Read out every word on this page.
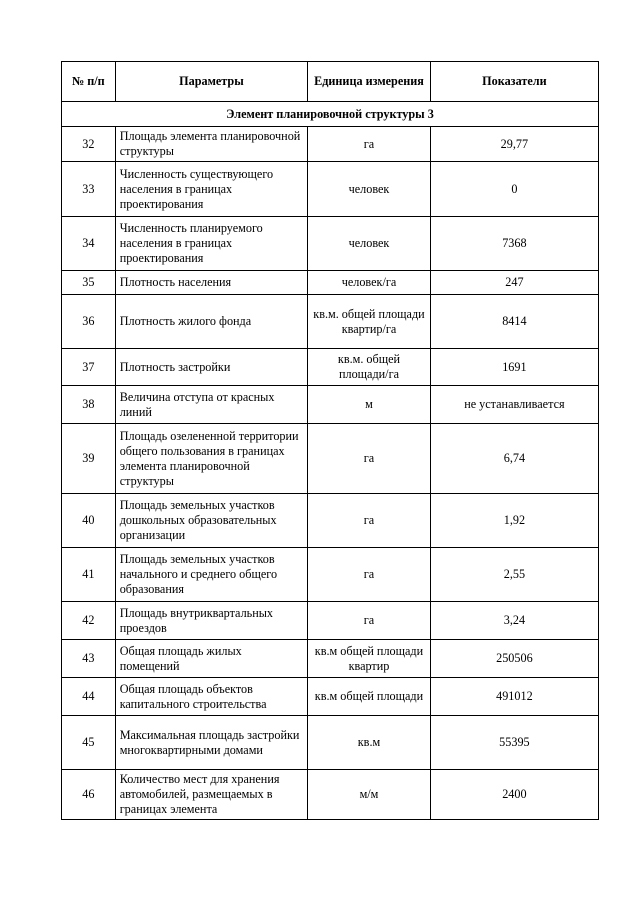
№ п/п	Параметры	Единица измерения	Показатели
Элемент планировочной структуры 3			
32	Площадь элемента планировочной структуры	га	29,77
33	Численность существующего населения в границах проектирования	человек	0
34	Численность планируемого населения в границах проектирования	человек	7368
35	Плотность населения	человек/га	247
36	Плотность жилого фонда	кв.м. общей площади квартир/га	8414
37	Плотность застройки	кв.м. общей площади/га	1691
38	Величина отступа от красных линий	м	не устанавливается
39	Площадь озелененной территории общего пользования в границах элемента планировочной структуры	га	6,74
40	Площадь земельных участков дошкольных образовательных организации	га	1,92
41	Площадь земельных участков начального и среднего общего образования	га	2,55
42	Площадь внутриквартальных проездов	га	3,24
43	Общая площадь жилых помещений	кв.м общей площади квартир	250506
44	Общая площадь объектов капитального строительства	кв.м общей площади	491012
45	Максимальная площадь застройки многоквартирными домами	кв.м	55395
46	Количество мест для хранения автомобилей, размещаемых в границах элемента	м/м	2400
